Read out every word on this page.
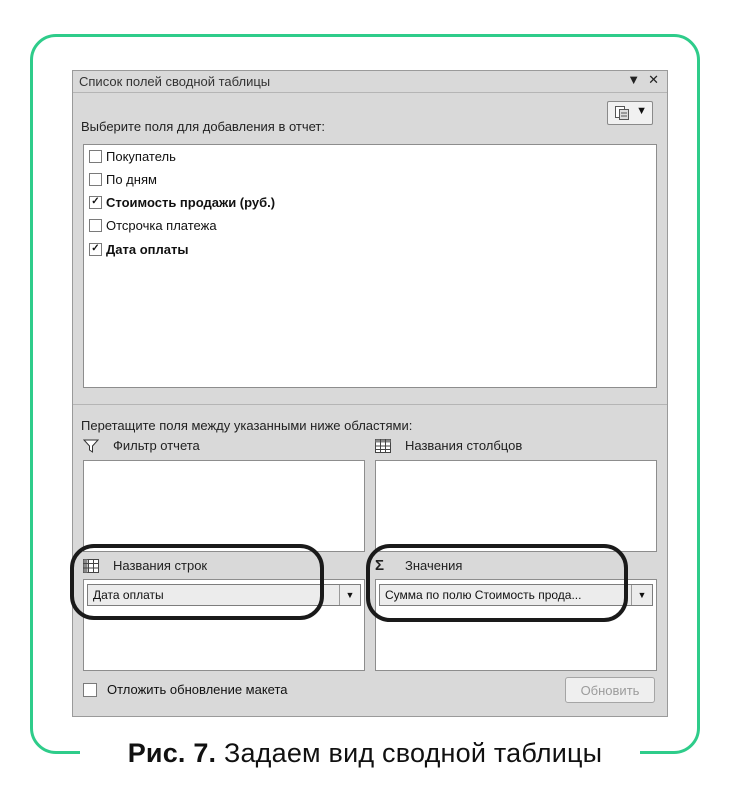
Рис. 7. Задаем вид сводной таблицы
Список полей сводной таблицы	▼ ✕
▼
Выберите поля для добавления в отчет:
Покупатель
По дням
✓ Стоимость продажи (руб.)
Отсрочка платежа
✓ Дата оплаты
Перетащите поля между указанными ниже областями:
Фильтр отчета	Названия столбцов
Названия строк
Дата оплаты	▼
Σ	Значения
Сумма по полю Стоимость прода...	▼
Отложить обновление макета	Обновить
